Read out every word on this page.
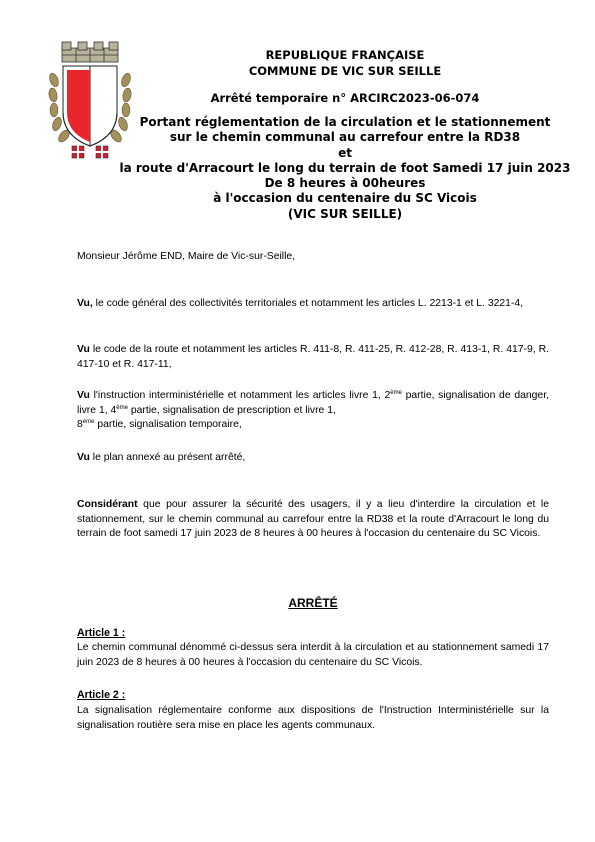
REPUBLIQUE FRANÇAISE
COMMUNE DE VIC SUR SEILLE
Arrêté temporaire n° ARCIRC2023-06-074
Portant réglementation de la circulation et le stationnement
sur le chemin communal au carrefour entre la RD38
et
la route d'Arracourt le long du terrain de foot Samedi 17 juin 2023
De 8 heures à 00heures
à l'occasion du centenaire du SC Vicois
(VIC SUR SEILLE)
Monsieur Jérôme END, Maire de Vic-sur-Seille,
Vu, le code général des collectivités territoriales et notamment les articles L. 2213-1 et L. 3221-4,
Vu le code de la route et notamment les articles R. 411-8, R. 411-25, R. 412-28, R. 413-1, R. 417-9, R. 417-10 et R. 417-11,
Vu l'instruction interministérielle et notamment les articles livre 1, 2ème partie, signalisation de danger, livre 1, 4ème partie, signalisation de prescription et livre 1,
8ème partie, signalisation temporaire,
Vu le plan annexé au présent arrêté,
Considérant que pour assurer la sécurité des usagers, il y a lieu d'interdire la circulation et le stationnement, sur le chemin communal au carrefour entre la RD38 et la route d'Arracourt le long du terrain de foot samedi 17 juin 2023 de 8 heures à 00 heures à l'occasion du centenaire du SC Vicois.
ARRÊTÉ
Article 1 :
Le chemin communal dénommé ci-dessus sera interdit à la circulation et au stationnement samedi 17 juin 2023 de 8 heures à 00 heures à l'occasion du centenaire du SC Vicois.
Article 2 :
La signalisation réglementaire conforme aux dispositions de l'Instruction Interministérielle sur la signalisation routière sera mise en place les agents communaux.
